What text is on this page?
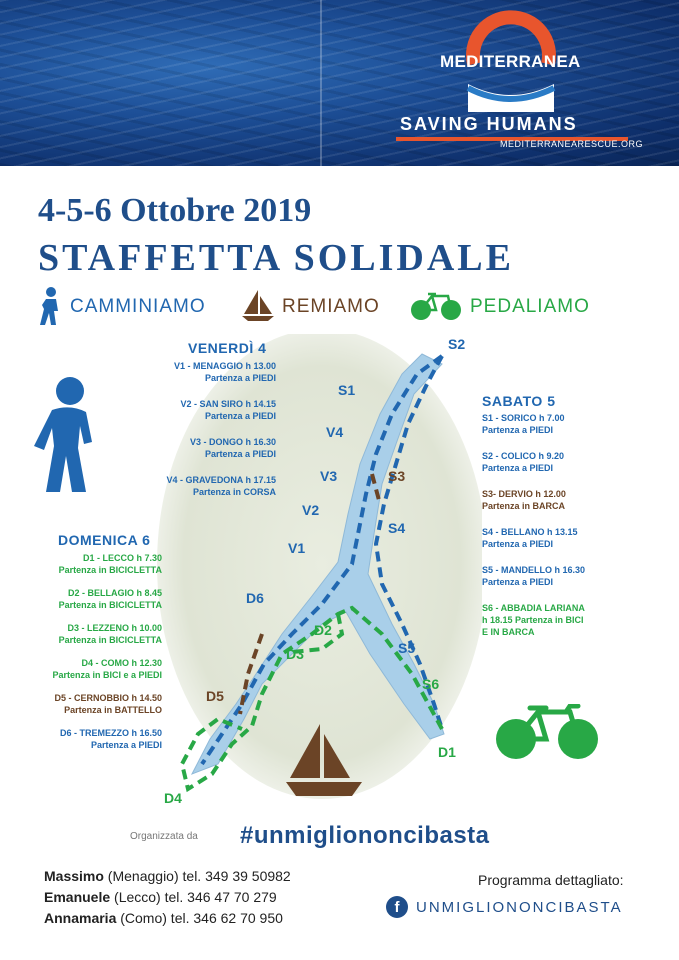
MEDITERRANEA
SAVING HUMANS
MEDITERRANEARESCUE.ORG
4-5-6 Ottobre 2019
STAFFETTA SOLIDALE
CAMMINIAMO	REMIAMO	PEDALIAMO
S2
S1
V4
V3	S3
V2
S4
V1
D6
D2
D3	S5
S6
D5
D1
D4
VENERDÌ 4
V1 - MENAGGIO h 13.00
Partenza a PIEDI
V2 - SAN SIRO h 14.15
Partenza a PIEDI
V3 - DONGO h 16.30
Partenza a PIEDI
V4 - GRAVEDONA h 17.15
Partenza in CORSA
SABATO 5
S1 - SORICO h 7.00
Partenza a PIEDI
S2 - COLICO h 9.20
Partenza a PIEDI
S3- DERVIO h 12.00
Partenza in BARCA
S4 - BELLANO h 13.15
Partenza a PIEDI
S5 - MANDELLO h 16.30
Partenza a PIEDI
S6 - ABBADIA LARIANA
h 18.15 Partenza in BICI
E IN BARCA
DOMENICA 6
D1 - LECCO h 7.30
Partenza in BICICLETTA
D2 - BELLAGIO h 8.45
Partenza in BICICLETTA
D3 - LEZZENO h 10.00
Partenza in BICICLETTA
D4 - COMO h 12.30
Partenza in BICI e a PIEDI
D5 - CERNOBBIO h 14.50
Partenza in BATTELLO
D6 - TREMEZZO h 16.50
Partenza a PIEDI
Organizzata da #unmigliononcibasta
Massimo (Menaggio) tel. 349 39 50982
Emanuele (Lecco) tel. 346 47 70 279
Annamaria (Como) tel. 346 62 70 950
Programma dettagliato:
f	UNMIGLIONONCIBASTA
